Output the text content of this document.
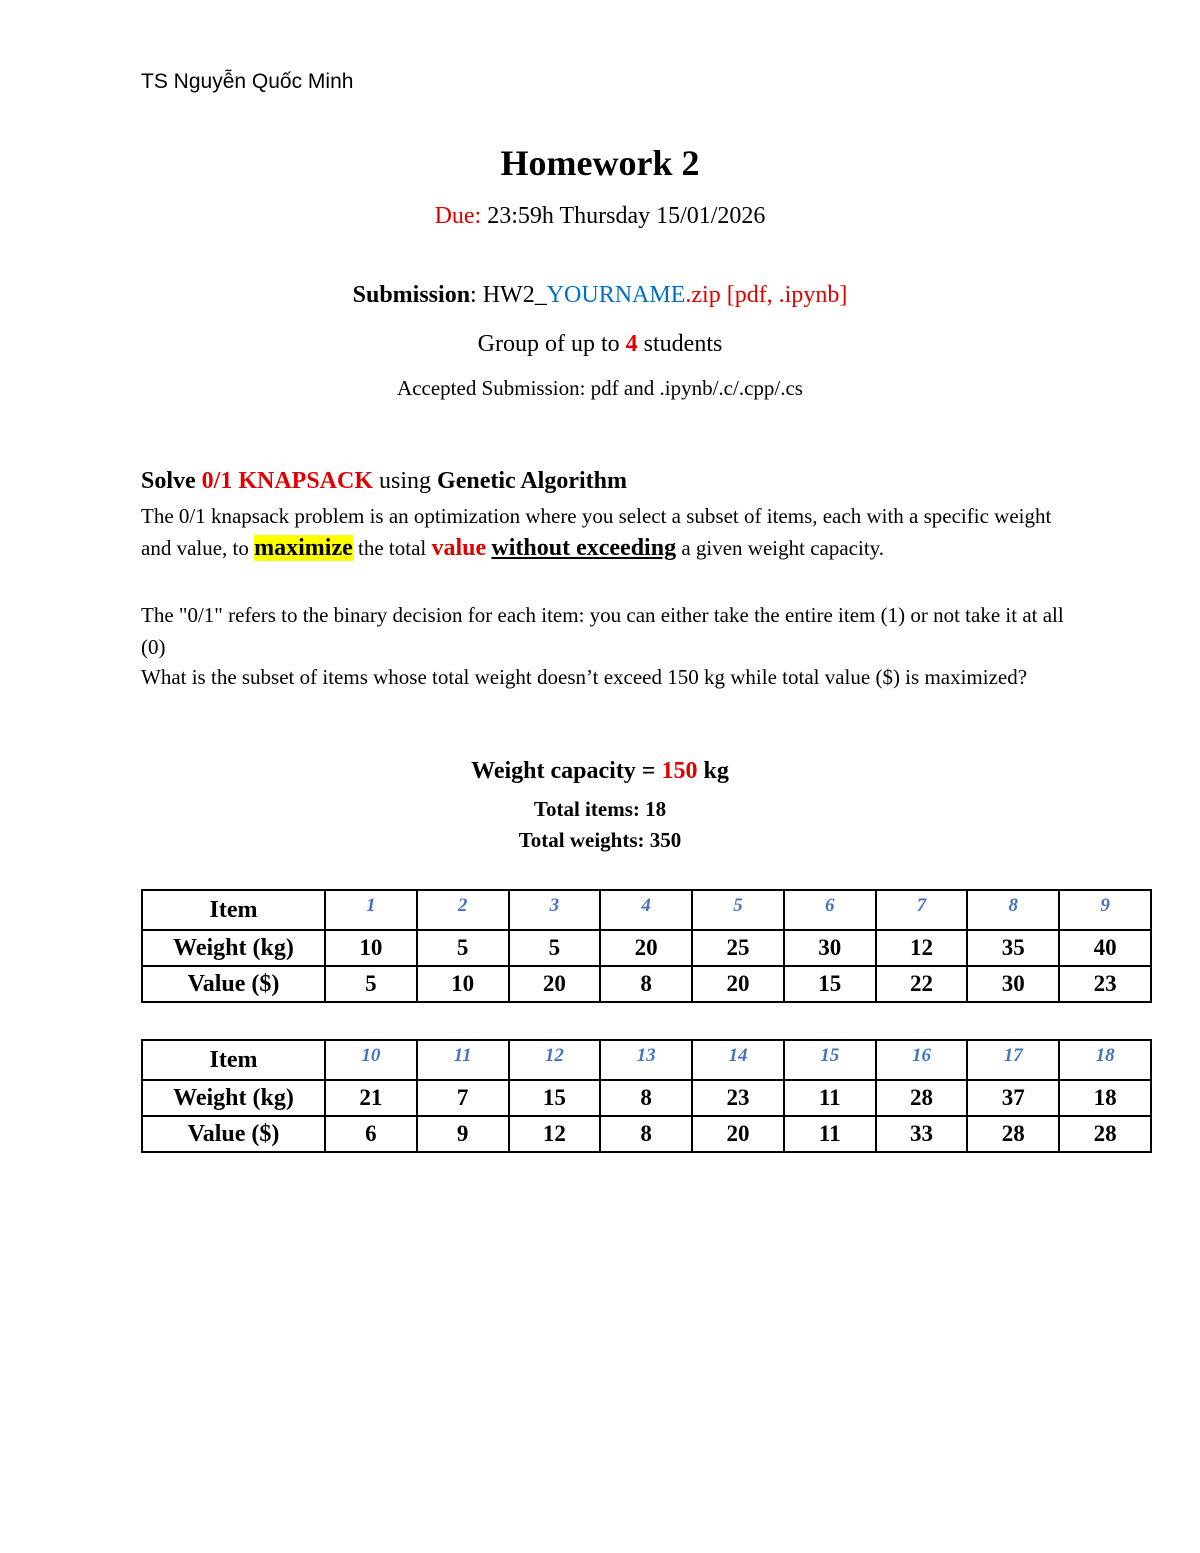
TS Nguyễn Quốc Minh
Homework 2
Due: 23:59h Thursday 15/01/2026
Submission: HW2_YOURNAME.zip [pdf, .ipynb]
Group of up to 4 students
Accepted Submission: pdf and .ipynb/.c/.cpp/.cs
Solve 0/1 KNAPSACK using Genetic Algorithm
The 0/1 knapsack problem is an optimization where you select a subset of items, each with a specific weight and value, to maximize the total value without exceeding a given weight capacity.
The "0/1" refers to the binary decision for each item: you can either take the entire item (1) or not take it at all (0)
What is the subset of items whose total weight doesn’t exceed 150 kg while total value ($) is maximized?
Weight capacity = 150 kg
Total items: 18
Total weights: 350
Item	1	2	3	4	5	6	7	8	9
Weight (kg)	10	5	5	20	25	30	12	35	40
Value ($)	5	10	20	8	20	15	22	30	23
Item	10	11	12	13	14	15	16	17	18
Weight (kg)	21	7	15	8	23	11	28	37	18
Value ($)	6	9	12	8	20	11	33	28	28
